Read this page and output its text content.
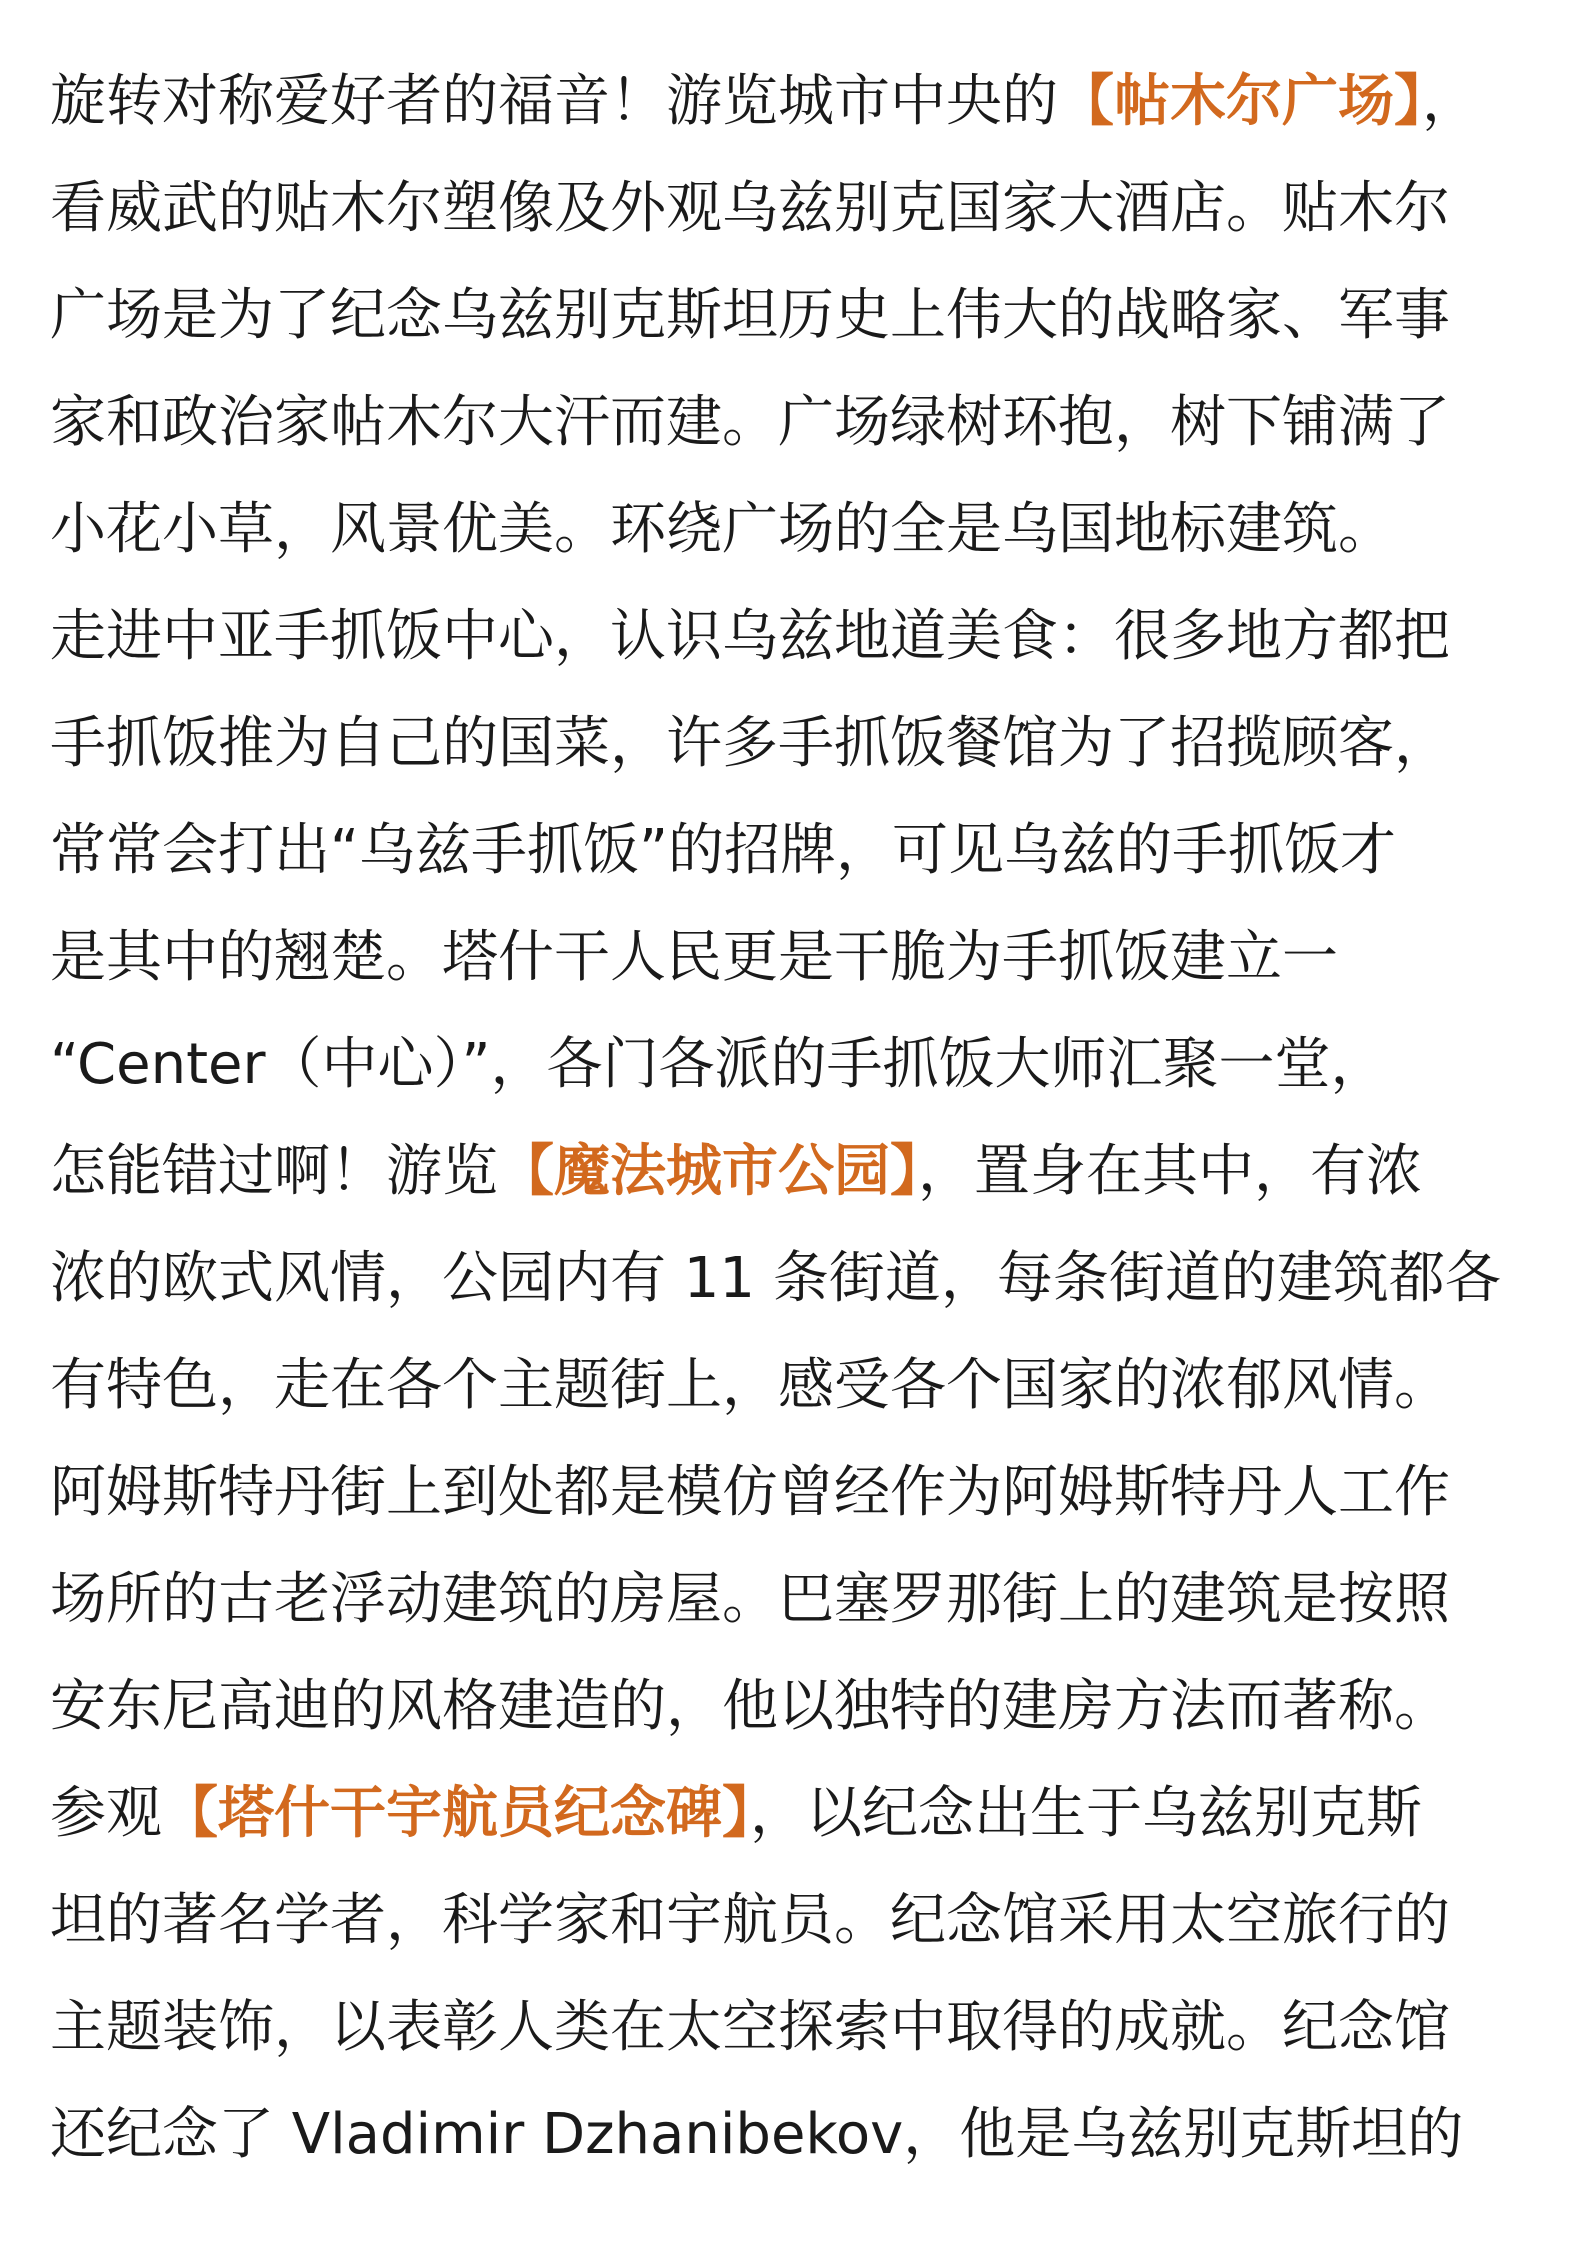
旋转对称爱好者的福音！游览城市中央的【帖木尔广场】，
看威武的贴木尔塑像及外观乌兹别克国家大酒店。贴木尔
广场是为了纪念乌兹别克斯坦历史上伟大的战略家、军事
家和政治家帖木尔大汗而建。广场绿树环抱，树下铺满了
小花小草，风景优美。环绕广场的全是乌国地标建筑。
走进中亚手抓饭中心，认识乌兹地道美食：很多地方都把
手抓饭推为自己的国菜，许多手抓饭餐馆为了招揽顾客，
常常会打出“乌兹手抓饭”的招牌，可见乌兹的手抓饭才
是其中的翘楚。塔什干人民更是干脆为手抓饭建立一
“Center（中心）”，各门各派的手抓饭大师汇聚一堂，
怎能错过啊！游览【魔法城市公园】，置身在其中，有浓
浓的欧式风情，公园内有 11 条街道，每条街道的建筑都各
有特色，走在各个主题街上，感受各个国家的浓郁风情。
阿姆斯特丹街上到处都是模仿曾经作为阿姆斯特丹人工作
场所的古老浮动建筑的房屋。巴塞罗那街上的建筑是按照
安东尼高迪的风格建造的，他以独特的建房方法而著称。
参观【塔什干宇航员纪念碑】，以纪念出生于乌兹别克斯
坦的著名学者，科学家和宇航员。纪念馆采用太空旅行的
主题装饰，以表彰人类在太空探索中取得的成就。纪念馆
还纪念了 Vladimir Dzhanibekov，他是乌兹别克斯坦的
